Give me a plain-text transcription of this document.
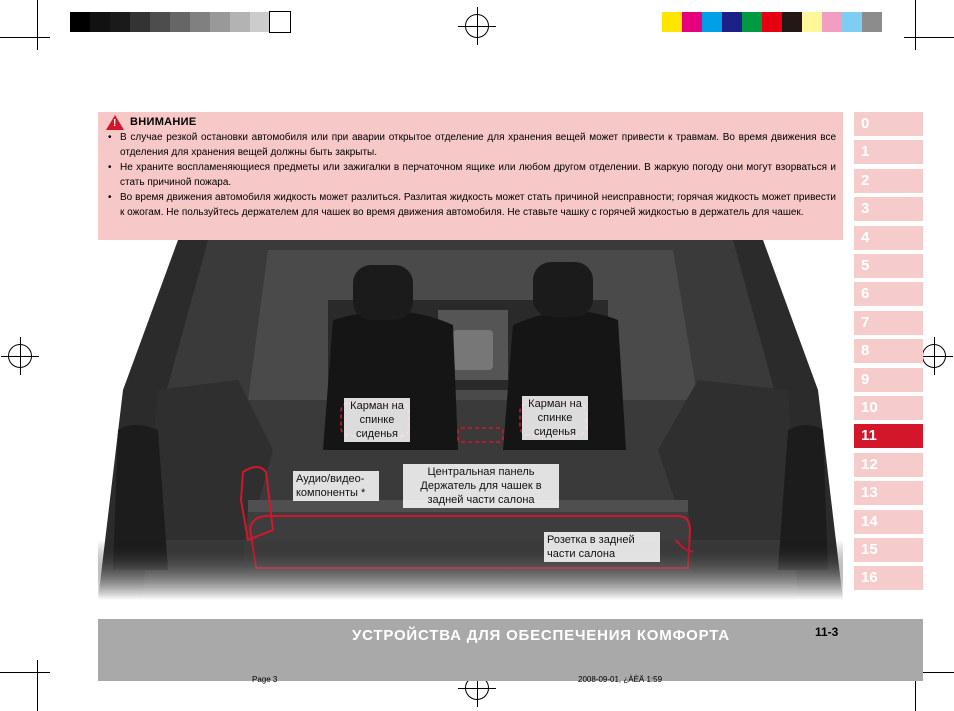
! ВНИМАНИЕ
• В случае резкой остановки автомобиля или при аварии открытое отделение для хранения вещей может привести к травмам. Во время движения все отделения для хранения вещей должны быть закрыты.
• Не храните воспламеняющиеся предметы или зажигалки в перчаточном ящике или любом другом отделении. В жаркую погоду они могут взорваться и стать причиной пожара.
• Во время движения автомобиля жидкость может разлиться. Разлитая жидкость может стать причиной неисправности; горячая жидкость может привести к ожогам. Не пользуйтесь держателем для чашек во время движения автомобиля. Не ставьте чашку с горячей жидкостью в держатель для чашек.
Карман на спинке сиденья
Карман на спинке сиденья
Центральная панель Держатель для чашек в задней части салона
Аудио/видео-компоненты *
Розетка в задней части салона
0
1
2
3
4
5
6
7
8
9
10
11
12
13
14
15
16
УСТРОЙСТВА ДЛЯ ОБЕСПЕЧЕНИЯ КОМФОРТА	11-3
Page 3	2008-09-01, ¿ÀÈÄ 1:59
